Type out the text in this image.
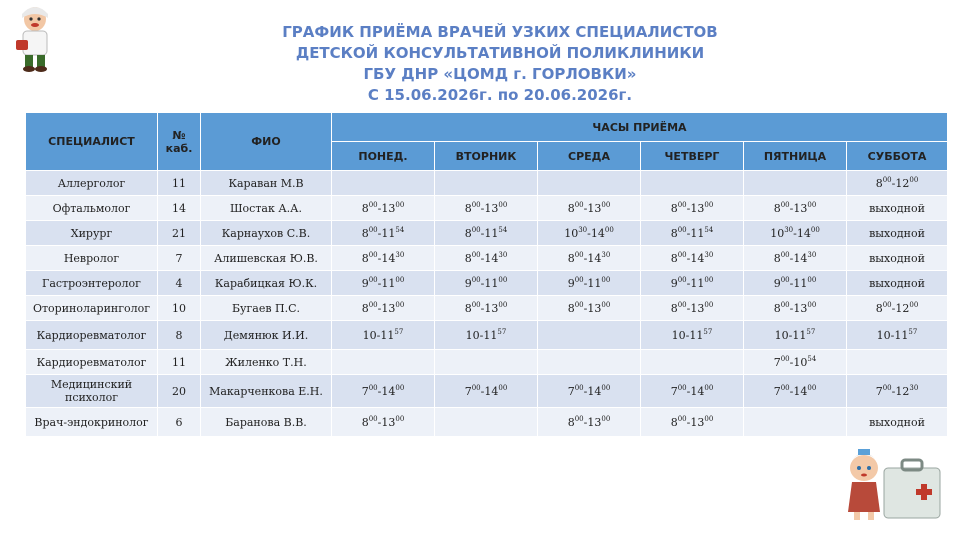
ГРАФИК ПРИЁМА ВРАЧЕЙ УЗКИХ СПЕЦИАЛИСТОВ
ДЕТСКОЙ КОНСУЛЬТАТИВНОЙ ПОЛИКЛИНИКИ
ГБУ ДНР «ЦОМД г. ГОРЛОВКИ»
С 15.06.2026г. по 20.06.2026г.
СПЕЦИАЛИСТ	№ каб.	ФИО	ЧАСЫ ПРИЁМА					
			ПОНЕД.	ВТОРНИК	СРЕДА	ЧЕТВЕРГ	ПЯТНИЦА	СУББОТА
Аллерголог	11	Караван М.В						$8^{00}-12^{00}$
Офтальмолог	14	Шостак А.А.	$8^{00}-13^{00}$	$8^{00}-13^{00}$	$8^{00}-13^{00}$	$8^{00}-13^{00}$	$8^{00}-13^{00}$	выходной
Хирург	21	Карнаухов С.В.	$8^{00}-11^{54}$	$8^{00}-11^{54}$	$10^{30}-14^{00}$	$8^{00}-11^{54}$	$10^{30}-14^{00}$	выходной
Невролог	7	Алишевская Ю.В.	$8^{00}-14^{30}$	$8^{00}-14^{30}$	$8^{00}-14^{30}$	$8^{00}-14^{30}$	$8^{00}-14^{30}$	выходной
Гастроэнтеролог	4	Карабицкая Ю.К.	$9^{00}-11^{00}$	$9^{00}-11^{00}$	$9^{00}-11^{00}$	$9^{00}-11^{00}$	$9^{00}-11^{00}$	выходной
Оториноларинголог	10	Бугаев П.С.	$8^{00}-13^{00}$	$8^{00}-13^{00}$	$8^{00}-13^{00}$	$8^{00}-13^{00}$	$8^{00}-13^{00}$	$8^{00}-12^{00}$
Кардиоревматолог	8	Демянюк И.И.	$10-11^{57}$	$10-11^{57}$		$10-11^{57}$	$10-11^{57}$	$10-11^{57}$
Кардиоревматолог	11	Жиленко Т.Н.					$7^{00}-10^{54}$	
Медицинский психолог	20	Макарченкова Е.Н.	$7^{00}-14^{00}$	$7^{00}-14^{00}$	$7^{00}-14^{00}$	$7^{00}-14^{00}$	$7^{00}-14^{00}$	$7^{00}-12^{30}$
Врач-эндокринолог	6	Баранова В.В.	$8^{00}-13^{00}$		$8^{00}-13^{00}$	$8^{00}-13^{00}$		выходной
